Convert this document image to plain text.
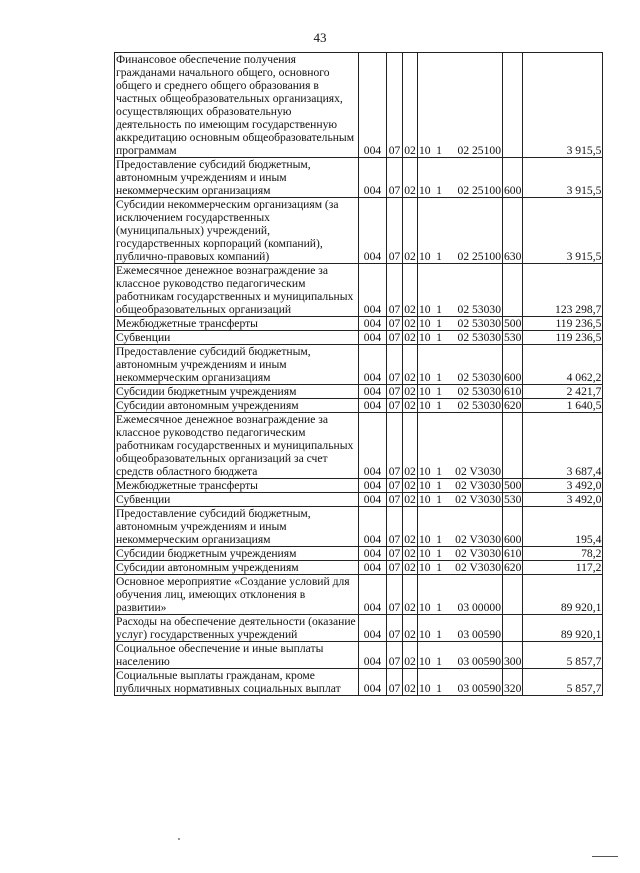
43
Финансовое обеспечение получения гражданами начального общего, основного общего и среднего общего образования в частных общеобразовательных организациях, осуществляющих образовательную деятельность по имеющим государственную аккредитацию основным общеобразовательным программам	004	07	02	10	1	02 25100		3 915,5
Предоставление субсидий бюджетным, автономным учреждениям и иным некоммерческим организациям	004	07	02	10	1	02 25100	600	3 915,5
Субсидии некоммерческим организациям (за исключением государственных (муниципальных) учреждений, государственных корпораций (компаний), публично-правовых компаний)	004	07	02	10	1	02 25100	630	3 915,5
Ежемесячное денежное вознаграждение за классное руководство педагогическим работникам государственных и муниципальных общеобразовательных организаций	004	07	02	10	1	02 53030		123 298,7
Межбюджетные трансферты	004	07	02	10	1	02 53030	500	119 236,5
Субвенции	004	07	02	10	1	02 53030	530	119 236,5
Предоставление субсидий бюджетным, автономным учреждениям и иным некоммерческим организациям	004	07	02	10	1	02 53030	600	4 062,2
Субсидии бюджетным учреждениям	004	07	02	10	1	02 53030	610	2 421,7
Субсидии автономным учреждениям	004	07	02	10	1	02 53030	620	1 640,5
Ежемесячное денежное вознаграждение за классное руководство педагогическим работникам государственных и муниципальных общеобразовательных организаций за счет средств областного бюджета	004	07	02	10	1	02 V3030		3 687,4
Межбюджетные трансферты	004	07	02	10	1	02 V3030	500	3 492,0
Субвенции	004	07	02	10	1	02 V3030	530	3 492,0
Предоставление субсидий бюджетным, автономным учреждениям и иным некоммерческим организациям	004	07	02	10	1	02 V3030	600	195,4
Субсидии бюджетным учреждениям	004	07	02	10	1	02 V3030	610	78,2
Субсидии автономным учреждениям	004	07	02	10	1	02 V3030	620	117,2
Основное мероприятие «Создание условий для обучения лиц, имеющих отклонения в развитии»	004	07	02	10	1	03 00000		89 920,1
Расходы на обеспечение деятельности (оказание услуг) государственных учреждений	004	07	02	10	1	03 00590		89 920,1
Социальное обеспечение и иные выплаты населению	004	07	02	10	1	03 00590	300	5 857,7
Социальные выплаты гражданам, кроме публичных нормативных социальных выплат	004	07	02	10	1	03 00590	320	5 857,7
